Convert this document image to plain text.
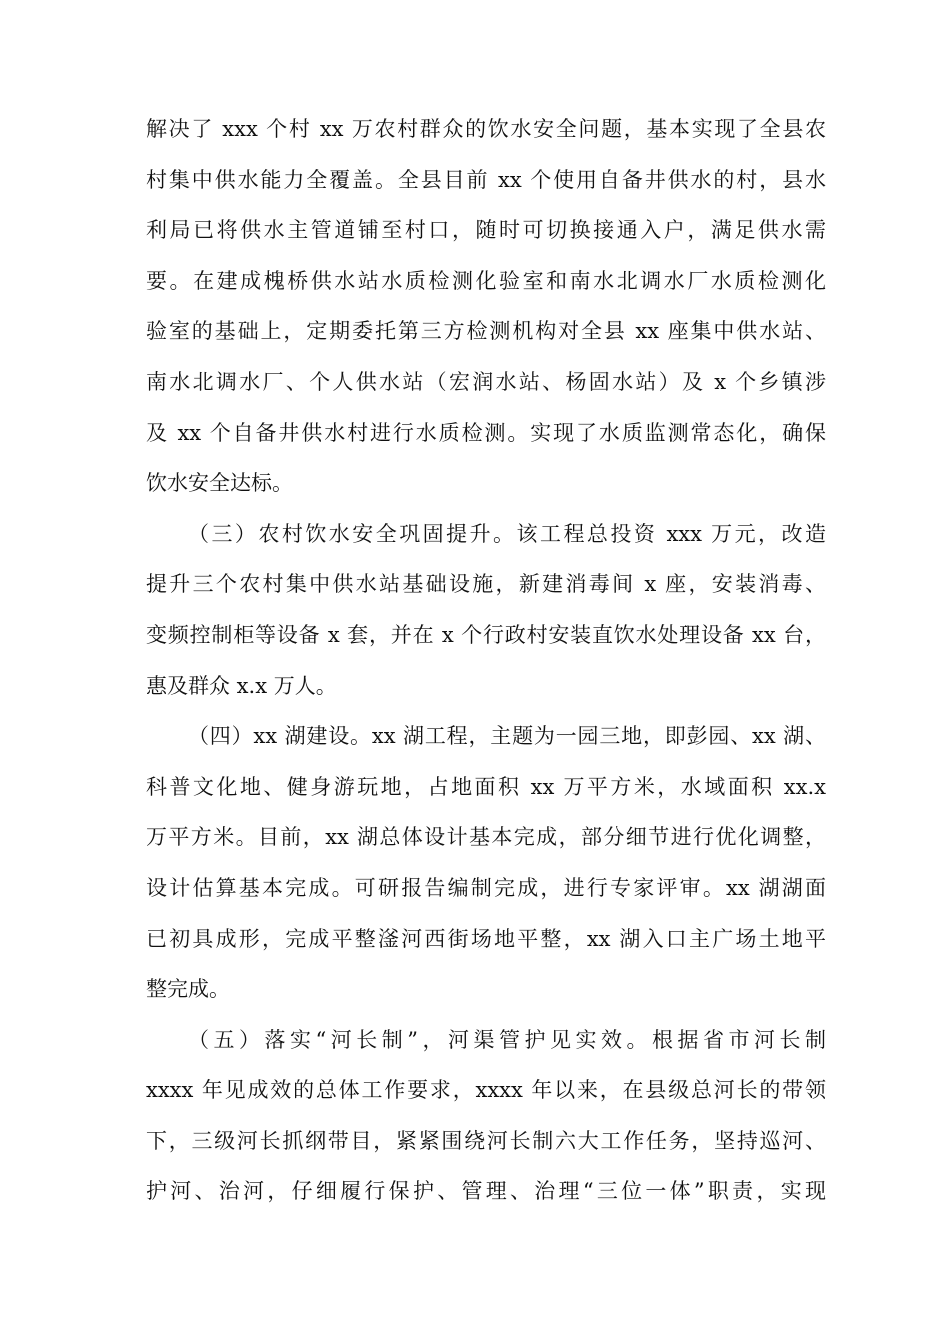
解决了 xxx 个村 xx 万农村群众的饮水安全问题，基本实现了全县农
村集中供水能力全覆盖。全县目前 xx 个使用自备井供水的村，县水
利局已将供水主管道铺至村口，随时可切换接通入户，满足供水需
要。在建成槐桥供水站水质检测化验室和南水北调水厂水质检测化
验室的基础上，定期委托第三方检测机构对全县 xx 座集中供水站、
南水北调水厂、个人供水站（宏润水站、杨固水站）及 x 个乡镇涉
及 xx 个自备井供水村进行水质检测。实现了水质监测常态化，确保
饮水安全达标。

（三）农村饮水安全巩固提升。该工程总投资 xxx 万元，改造
提升三个农村集中供水站基础设施，新建消毒间 x 座，安装消毒、
变频控制柜等设备 x 套，并在 x 个行政村安装直饮水处理设备 xx 台，
惠及群众 x.x 万人。

（四）xx 湖建设。xx 湖工程，主题为一园三地，即彭园、xx 湖、
科普文化地、健身游玩地，占地面积 xx 万平方米，水域面积 xx.x
万平方米。目前，xx 湖总体设计基本完成，部分细节进行优化调整，
设计估算基本完成。可研报告编制完成，进行专家评审。xx 湖湖面
已初具成形，完成平整滏河西街场地平整，xx 湖入口主广场土地平
整完成。

（五）落实“河长制”，河渠管护见实效。根据省市河长制
xxxx 年见成效的总体工作要求，xxxx 年以来，在县级总河长的带领
下，三级河长抓纲带目，紧紧围绕河长制六大工作任务，坚持巡河、
护河、治河，仔细履行保护、管理、治理“三位一体”职责，实现
